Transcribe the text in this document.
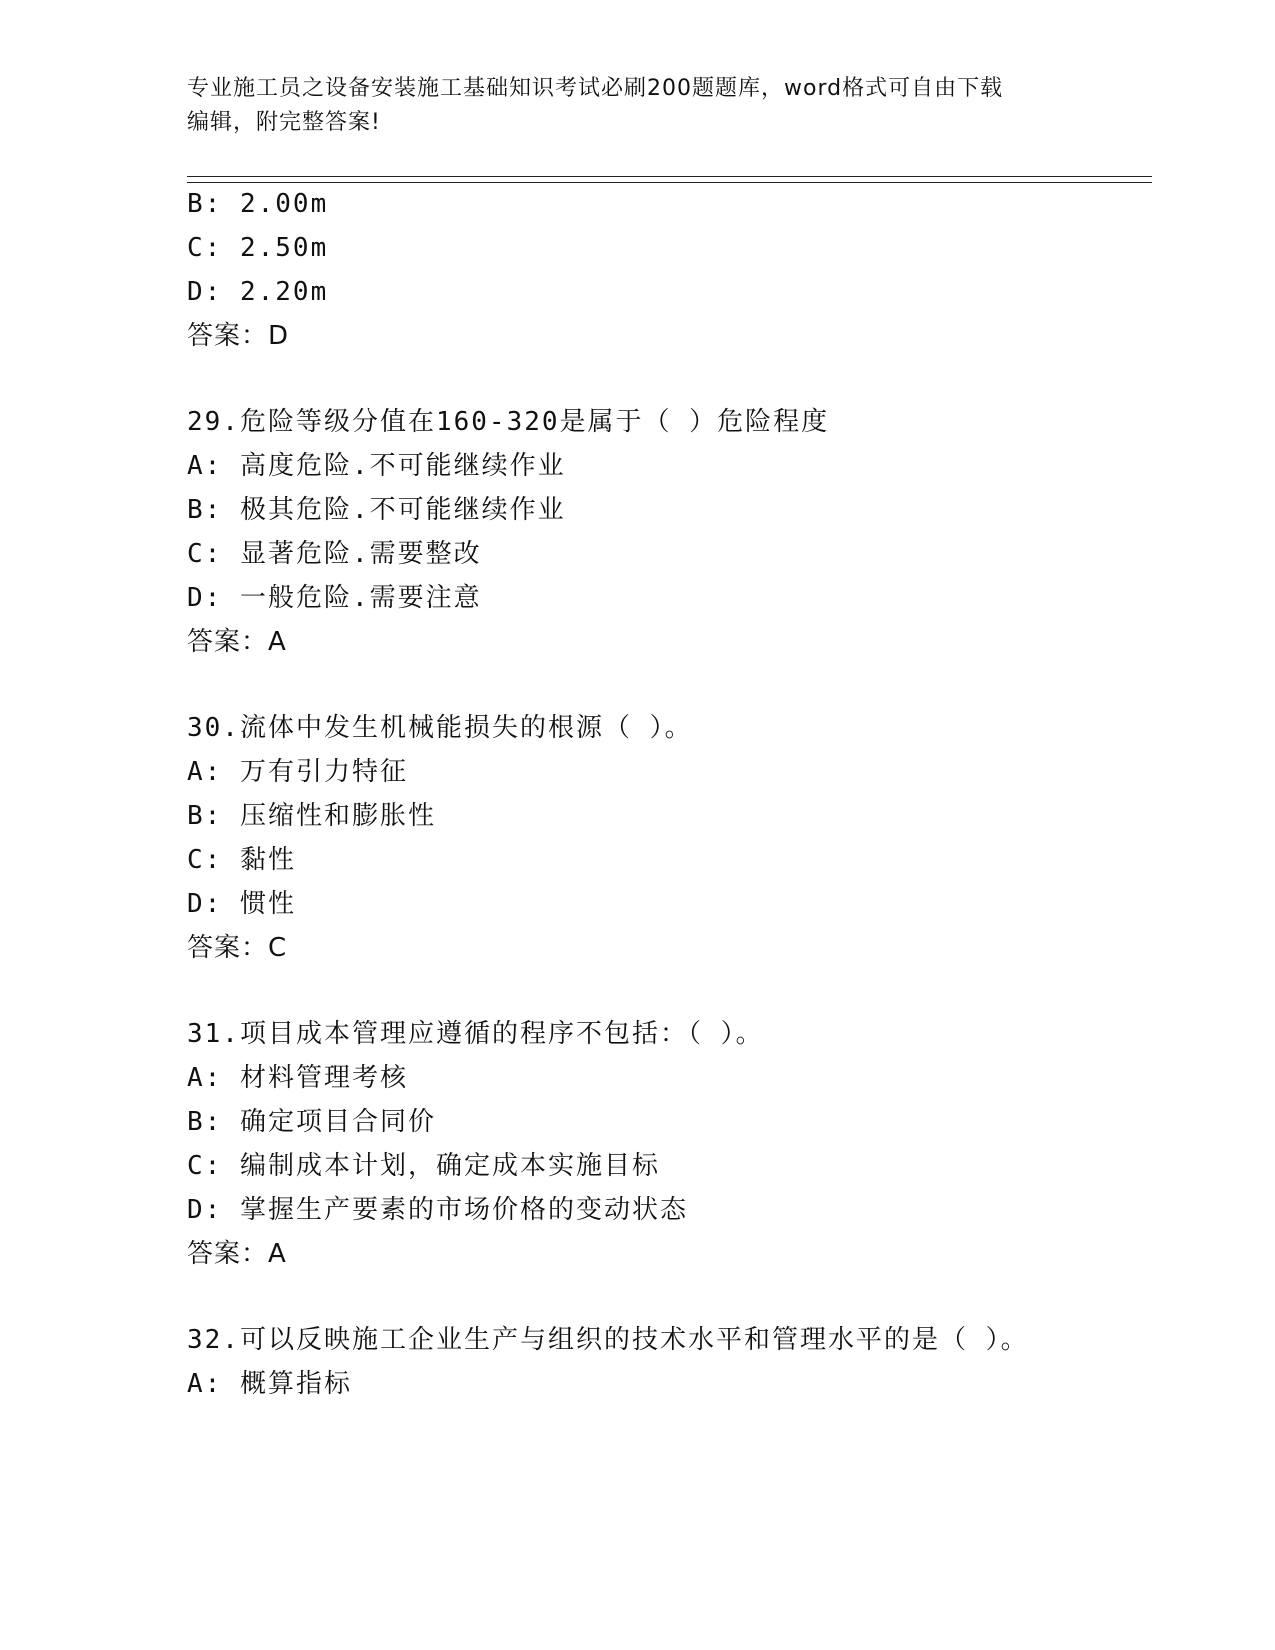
专业施工员之设备安装施工基础知识考试必刷200题题库，word格式可自由下载
编辑，附完整答案!
B: 2.00m
C: 2.50m
D: 2.20m
答案：D
29.危险等级分值在160-320是属于（ ）危险程度
A: 高度危险.不可能继续作业
B: 极其危险.不可能继续作业
C: 显著危险.需要整改
D: 一般危险.需要注意
答案：A
30.流体中发生机械能损失的根源（ ）。
A: 万有引力特征
B: 压缩性和膨胀性
C: 黏性
D: 惯性
答案：C
31.项目成本管理应遵循的程序不包括：（ ）。
A: 材料管理考核
B: 确定项目合同价
C: 编制成本计划，确定成本实施目标
D: 掌握生产要素的市场价格的变动状态
答案：A
32.可以反映施工企业生产与组织的技术水平和管理水平的是（ ）。
A: 概算指标
